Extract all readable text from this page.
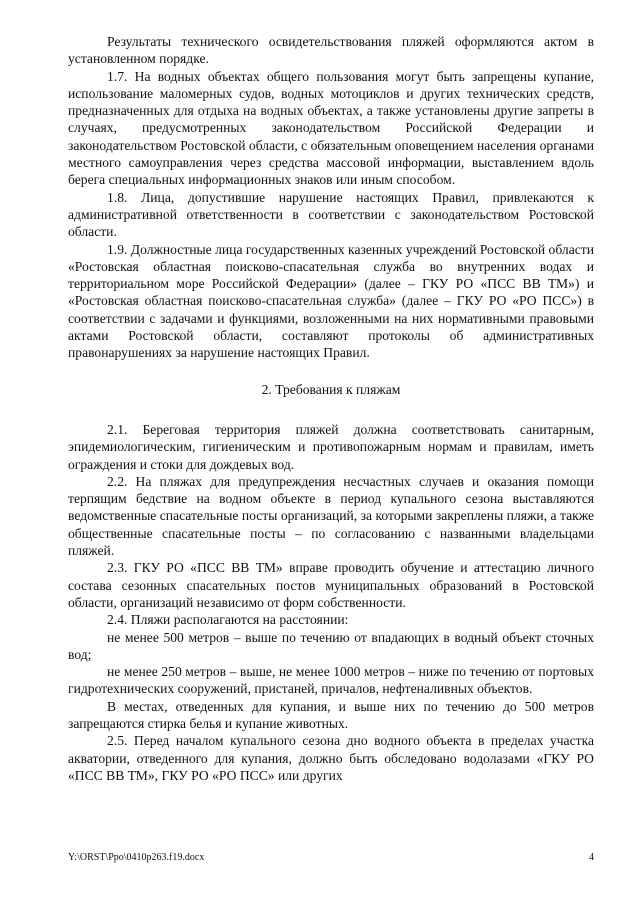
Результаты технического освидетельствования пляжей оформляются актом в установленном порядке.

1.7. На водных объектах общего пользования могут быть запрещены купание, использование маломерных судов, водных мотоциклов и других технических средств, предназначенных для отдыха на водных объектах, а также установлены другие запреты в случаях, предусмотренных законодательством Российской Федерации и законодательством Ростовской области, с обязательным оповещением населения органами местного самоуправления через средства массовой информации, выставлением вдоль берега специальных информационных знаков или иным способом.

1.8. Лица, допустившие нарушение настоящих Правил, привлекаются к административной ответственности в соответствии с законодательством Ростовской области.

1.9. Должностные лица государственных казенных учреждений Ростовской области «Ростовская областная поисково-спасательная служба во внутренних водах и территориальном море Российской Федерации» (далее – ГКУ РО «ПСС ВВ ТМ») и «Ростовская областная поисково-спасательная служба» (далее – ГКУ РО «РО ПСС») в соответствии с задачами и функциями, возложенными на них нормативными правовыми актами Ростовской области, составляют протоколы об административных правонарушениях за нарушение настоящих Правил.

2. Требования к пляжам

2.1. Береговая территория пляжей должна соответствовать санитарным, эпидемиологическим, гигиеническим и противопожарным нормам и правилам, иметь ограждения и стоки для дождевых вод.

2.2. На пляжах для предупреждения несчастных случаев и оказания помощи терпящим бедствие на водном объекте в период купального сезона выставляются ведомственные спасательные посты организаций, за которыми закреплены пляжи, а также общественные спасательные посты – по согласованию с названными владельцами пляжей.

2.3. ГКУ РО «ПСС ВВ ТМ» вправе проводить обучение и аттестацию личного состава сезонных спасательных постов муниципальных образований в Ростовской области, организаций независимо от форм собственности.

2.4. Пляжи располагаются на расстоянии:

не менее 500 метров – выше по течению от впадающих в водный объект сточных вод;

не менее 250 метров – выше, не менее 1000 метров – ниже по течению от портовых гидротехнических сооружений, пристаней, причалов, нефтеналивных объектов.

В местах, отведенных для купания, и выше них по течению до 500 метров запрещаются стирка белья и купание животных.

2.5. Перед началом купального сезона дно водного объекта в пределах участка акватории, отведенного для купания, должно быть обследовано водолазами «ГКУ РО «ПСС ВВ ТМ», ГКУ РО «РО ПСС» или других

Y:\ORST\Ppo\0410p263.f19.docx	4
